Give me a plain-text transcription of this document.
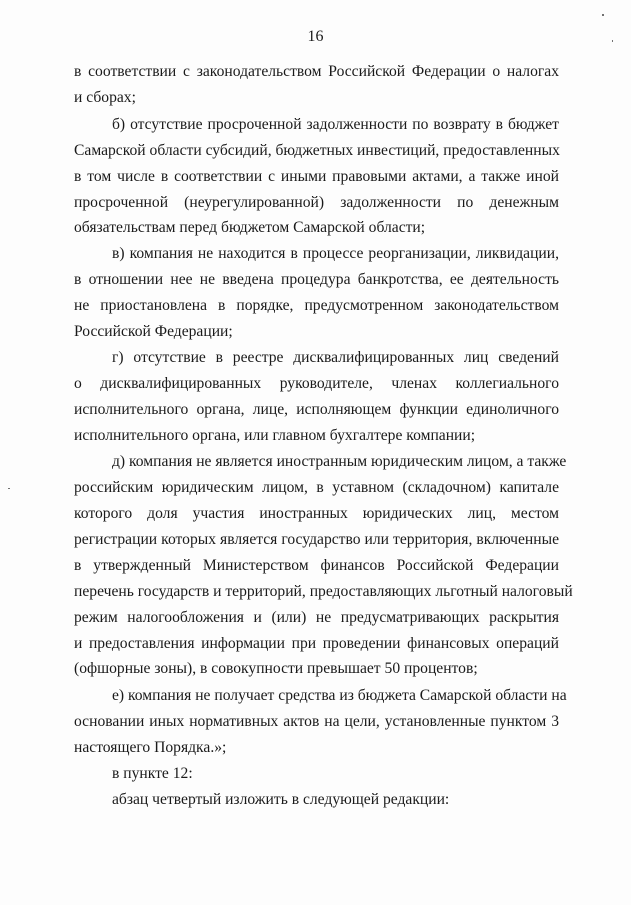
16
в соответствии с законодательством Российской Федерации о налогах
и сборах;
б) отсутствие просроченной задолженности по возврату в бюджет
Самарской области субсидий, бюджетных инвестиций, предоставленных
в том числе в соответствии с иными правовыми актами, а также иной
просроченной (неурегулированной) задолженности по денежным
обязательствам перед бюджетом Самарской области;
в) компания не находится в процессе реорганизации, ликвидации,
в отношении нее не введена процедура банкротства, ее деятельность
не приостановлена в порядке, предусмотренном законодательством
Российской Федерации;
г) отсутствие в реестре дисквалифицированных лиц сведений
о дисквалифицированных руководителе, членах коллегиального
исполнительного органа, лице, исполняющем функции единоличного
исполнительного органа, или главном бухгалтере компании;
д) компания не является иностранным юридическим лицом, а также
российским юридическим лицом, в уставном (складочном) капитале
которого доля участия иностранных юридических лиц, местом
регистрации которых является государство или территория, включенные
в утвержденный Министерством финансов Российской Федерации
перечень государств и территорий, предоставляющих льготный налоговый
режим налогообложения и (или) не предусматривающих раскрытия
и предоставления информации при проведении финансовых операций
(офшорные зоны), в совокупности превышает 50 процентов;
е) компания не получает средства из бюджета Самарской области на
основании иных нормативных актов на цели, установленные пунктом 3
настоящего Порядка.»;
в пункте 12:
абзац четвертый изложить в следующей редакции:
